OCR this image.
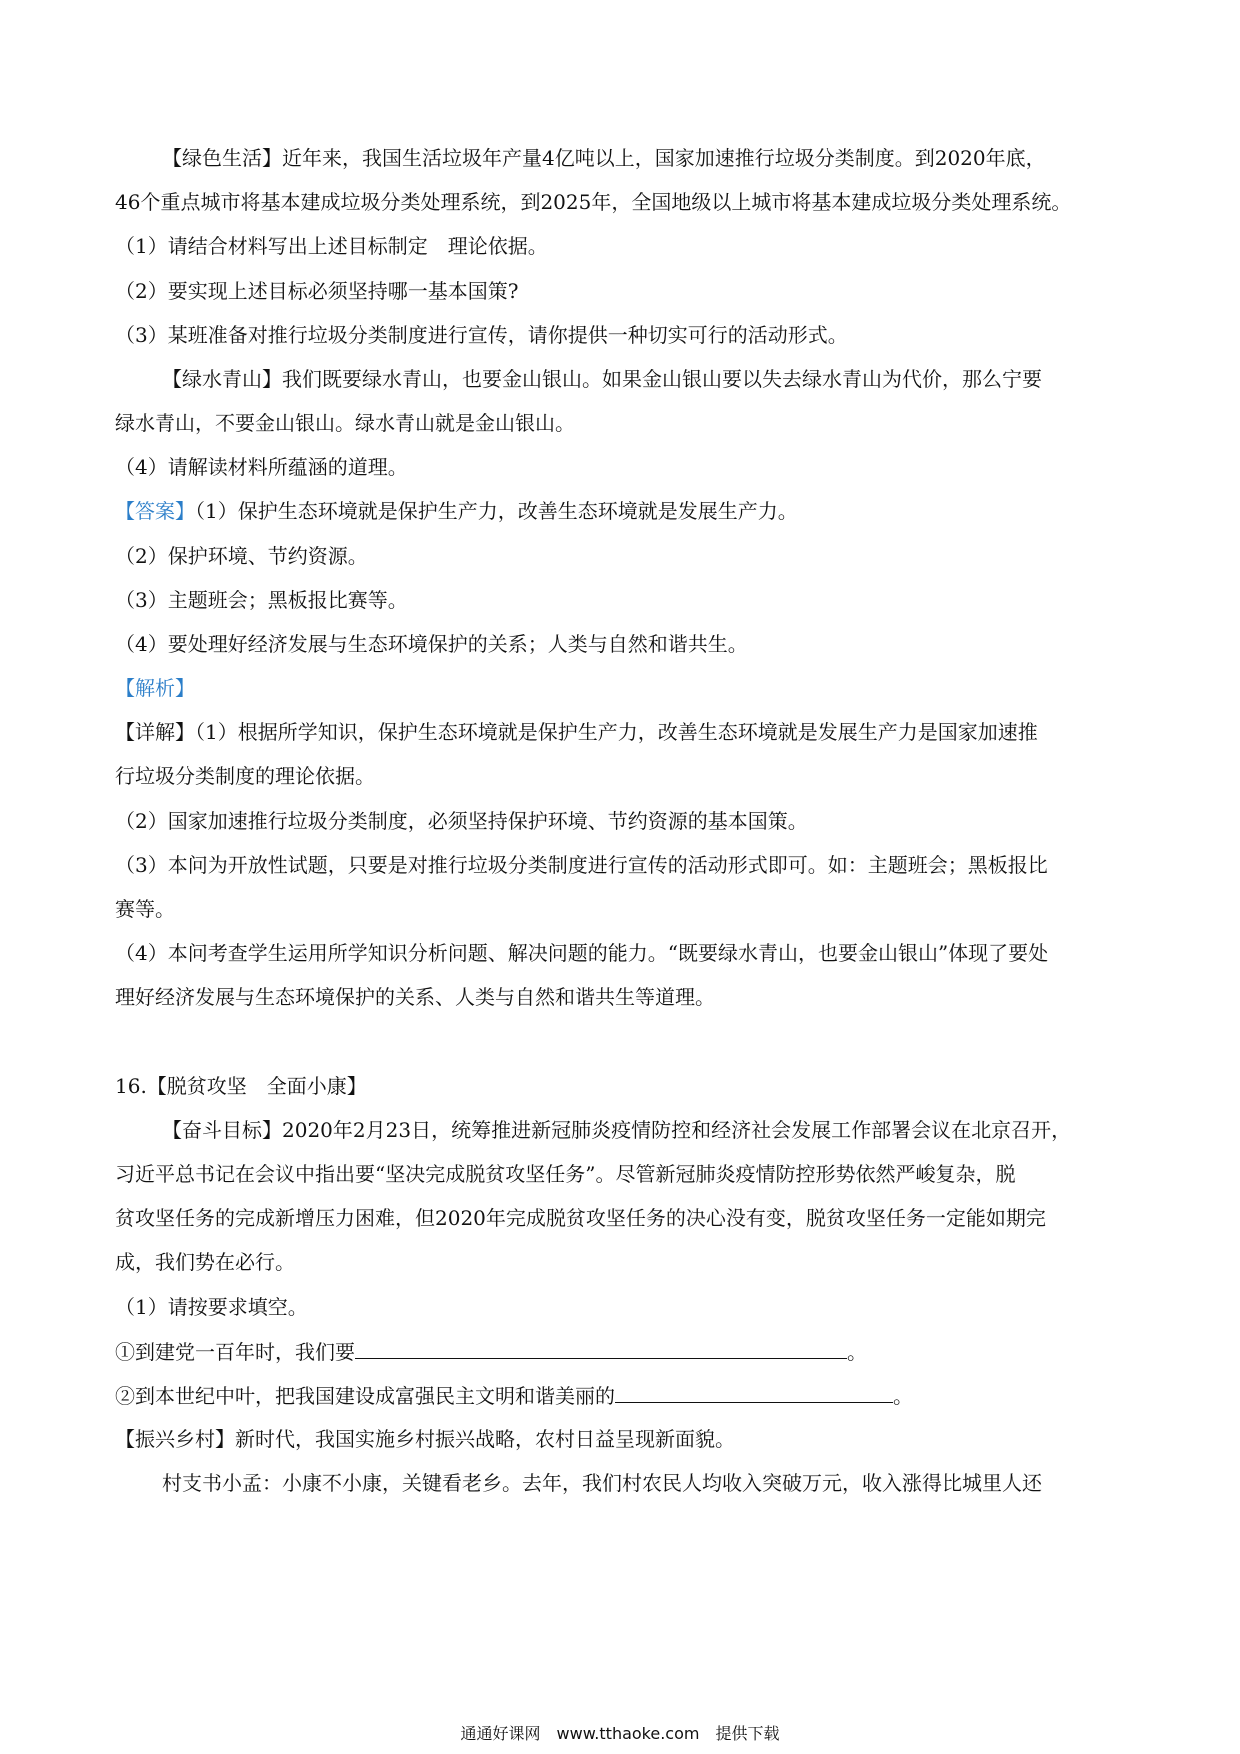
【绿色生活】近年来，我国生活垃圾年产量4亿吨以上，国家加速推行垃圾分类制度。到2020年底，
46个重点城市将基本建成垃圾分类处理系统，到2025年，全国地级以上城市将基本建成垃圾分类处理系统。
（1）请结合材料写出上述目标制定　理论依据。
（2）要实现上述目标必须坚持哪一基本国策?
（3）某班准备对推行垃圾分类制度进行宣传，请你提供一种切实可行的活动形式。
【绿水青山】我们既要绿水青山，也要金山银山。如果金山银山要以失去绿水青山为代价，那么宁要
绿水青山，不要金山银山。绿水青山就是金山银山。
（4）请解读材料所蕴涵的道理。
【答案】（1）保护生态环境就是保护生产力，改善生态环境就是发展生产力。
（2）保护环境、节约资源。
（3）主题班会；黑板报比赛等。
（4）要处理好经济发展与生态环境保护的关系；人类与自然和谐共生。
【解析】
【详解】（1）根据所学知识，保护生态环境就是保护生产力，改善生态环境就是发展生产力是国家加速推
行垃圾分类制度的理论依据。
（2）国家加速推行垃圾分类制度，必须坚持保护环境、节约资源的基本国策。
（3）本问为开放性试题，只要是对推行垃圾分类制度进行宣传的活动形式即可。如：主题班会；黑板报比
赛等。
（4）本问考查学生运用所学知识分析问题、解决问题的能力。“既要绿水青山，也要金山银山”体现了要处
理好经济发展与生态环境保护的关系、人类与自然和谐共生等道理。
16.【脱贫攻坚　全面小康】
【奋斗目标】2020年2月23日，统筹推进新冠肺炎疫情防控和经济社会发展工作部署会议在北京召开，
习近平总书记在会议中指出要“坚决完成脱贫攻坚任务”。尽管新冠肺炎疫情防控形势依然严峻复杂，脱
贫攻坚任务的完成新增压力困难，但2020年完成脱贫攻坚任务的决心没有变，脱贫攻坚任务一定能如期完
成，我们势在必行。
（1）请按要求填空。
①到建党一百年时，我们要	。
②到本世纪中叶，把我国建设成富强民主文明和谐美丽的	。
【振兴乡村】新时代，我国实施乡村振兴战略，农村日益呈现新面貌。
村支书小孟：小康不小康，关键看老乡。去年，我们村农民人均收入突破万元，收入涨得比城里人还
通通好课网　www.tthaoke.com　提供下载
